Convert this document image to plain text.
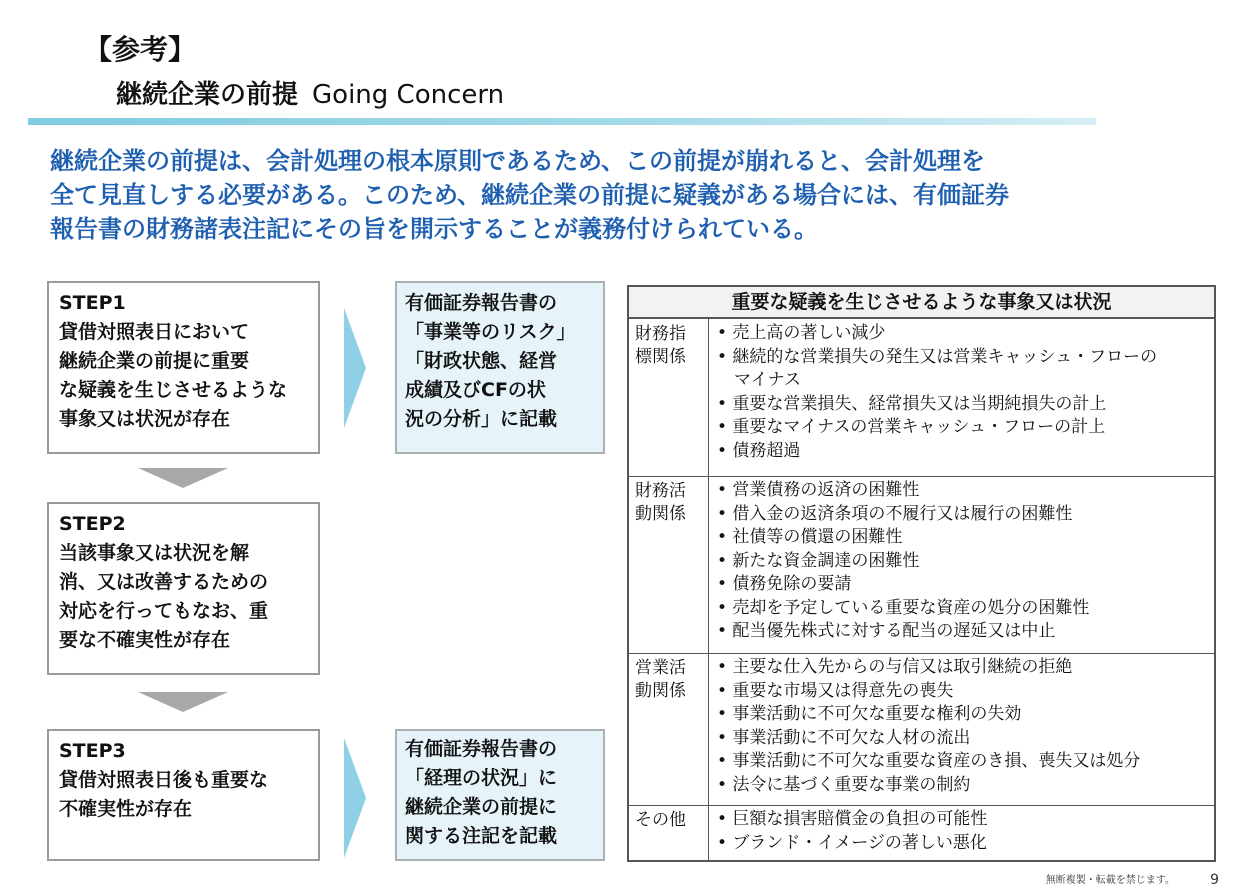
【参考】
継続企業の前提 Going Concern
継続企業の前提は、会計処理の根本原則であるため、この前提が崩れると、会計処理を
全て見直しする必要がある。このため、継続企業の前提に疑義がある場合には、有価証券
報告書の財務諸表注記にその旨を開示することが義務付けられている。
STEP1
貸借対照表日において
継続企業の前提に重要
な疑義を生じさせるような
事象又は状況が存在
STEP2
当該事象又は状況を解
消、又は改善するための
対応を行ってもなお、重
要な不確実性が存在
STEP3
貸借対照表日後も重要な
不確実性が存在
有価証券報告書の
「事業等のリスク」
「財政状態、経営
成績及びCFの状
況の分析」に記載
有価証券報告書の
「経理の状況」に
継続企業の前提に
関する注記を記載
重要な疑義を生じさせるような事象又は状況
財務指
標関係
• 売上高の著しい減少
• 継続的な営業損失の発生又は営業キャッシュ・フローの
　マイナス
• 重要な営業損失、経常損失又は当期純損失の計上
• 重要なマイナスの営業キャッシュ・フローの計上
• 債務超過
財務活
動関係
• 営業債務の返済の困難性
• 借入金の返済条項の不履行又は履行の困難性
• 社債等の償還の困難性
• 新たな資金調達の困難性
• 債務免除の要請
• 売却を予定している重要な資産の処分の困難性
• 配当優先株式に対する配当の遅延又は中止
営業活
動関係
• 主要な仕入先からの与信又は取引継続の拒絶
• 重要な市場又は得意先の喪失
• 事業活動に不可欠な重要な権利の失効
• 事業活動に不可欠な人材の流出
• 事業活動に不可欠な重要な資産のき損、喪失又は処分
• 法令に基づく重要な事業の制約
その他	• 巨額な損害賠償金の負担の可能性
• ブランド・イメージの著しい悪化
無断複製・転載を禁じます。	9
